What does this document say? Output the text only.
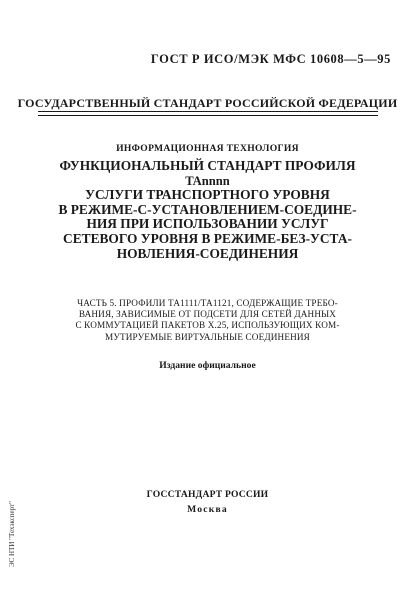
ГОСТ Р ИСО/МЭК МФС 10608—5—95
ГОСУДАРСТВЕННЫЙ СТАНДАРТ РОССИЙСКОЙ ФЕДЕРАЦИИ
ИНФОРМАЦИОННАЯ ТЕХНОЛОГИЯ
ФУНКЦИОНАЛЬНЫЙ СТАНДАРТ ПРОФИЛЯ
TAnnnn
УСЛУГИ ТРАНСПОРТНОГО УРОВНЯ
В РЕЖИМЕ-С-УСТАНОВЛЕНИЕМ-СОЕДИНЕ-
НИЯ ПРИ ИСПОЛЬЗОВАНИИ УСЛУГ
СЕТЕВОГО УРОВНЯ В РЕЖИМЕ-БЕЗ-УСТА-
НОВЛЕНИЯ-СОЕДИНЕНИЯ
ЧАСТЬ 5. ПРОФИЛИ ТА1111/ТА1121, СОДЕРЖАЩИЕ ТРЕБО-
ВАНИЯ, ЗАВИСИМЫЕ ОТ ПОДСЕТИ ДЛЯ СЕТЕЙ ДАННЫХ
С КОММУТАЦИЕЙ ПАКЕТОВ Х.25, ИСПОЛЬЗУЮЩИХ КОМ-
МУТИРУЕМЫЕ ВИРТУАЛЬНЫЕ СОЕДИНЕНИЯ
Издание официальное
ГОССТАНДАРТ РОССИИ
Москва
ЭС НТИ "Техэксперт"
